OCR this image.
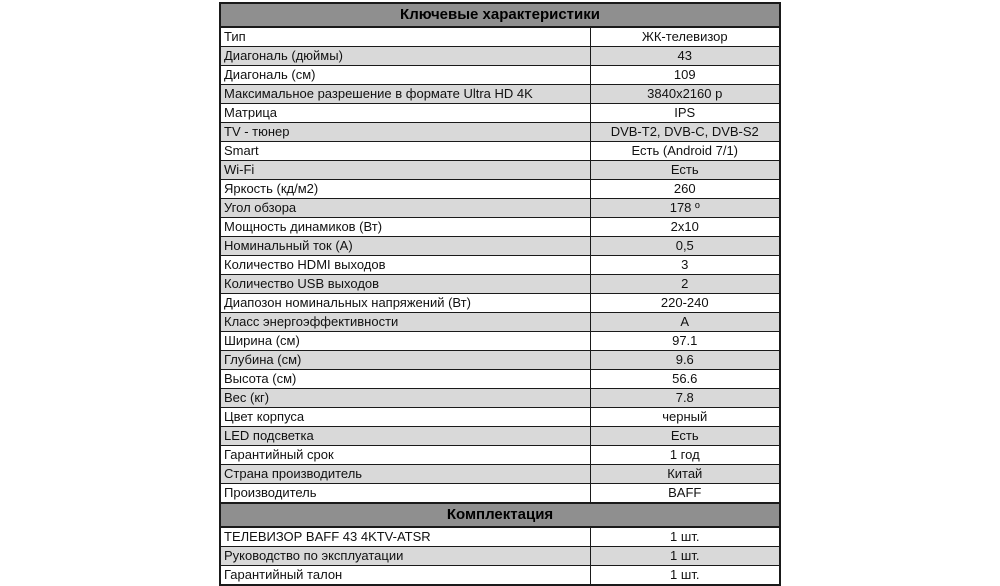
Ключевые характеристики	
Тип	ЖК-телевизор
Диагональ (дюймы)	43
Диагональ (см)	109
Максимальное разрешение в формате Ultra HD 4K	3840х2160 р
Матрица	IPS
TV - тюнер	DVB-T2, DVB-C, DVB-S2
Smart	Есть (Android 7/1)
Wi-Fi	Есть
Яркость (кд/м2)	260
Угол обзора	178 º
Мощность динамиков (Вт)	2х10
Номинальный ток (А)	0,5
Количество HDMI выходов	3
Количество USB выходов	2
Диапозон номинальных напряжений (Вт)	220-240
Класс энергоэффективности	А
Ширина (см)	97.1
Глубина (см)	9.6
Высота (см)	56.6
Вес (кг)	7.8
Цвет корпуса	черный
LED подсветка	Есть
Гарантийный срок	1 год
Страна производитель	Китай
Производитель	BAFF
Комплектация	
ТЕЛЕВИЗОР BAFF 43 4KTV-ATSR	1 шт.
Руководство по эксплуатации	1 шт.
Гарантийный талон	1 шт.
